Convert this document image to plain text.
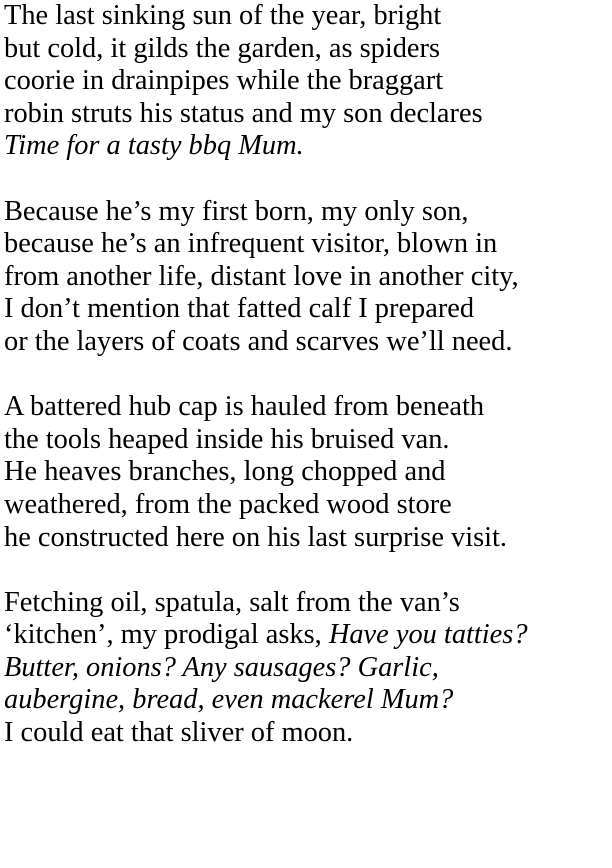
The last sinking sun of the year, bright
but cold, it gilds the garden, as spiders
coorie in drainpipes while the braggart
robin struts his status and my son declares
Time for a tasty bbq Mum.
Because he’s my first born, my only son,
because he’s an infrequent visitor, blown in
from another life, distant love in another city,
I don’t mention that fatted calf I prepared
or the layers of coats and scarves we’ll need.
A battered hub cap is hauled from beneath
the tools heaped inside his bruised van.
He heaves branches, long chopped and
weathered, from the packed wood store
he constructed here on his last surprise visit.
Fetching oil, spatula, salt from the van’s
‘kitchen’, my prodigal asks, Have you tatties?
Butter, onions? Any sausages? Garlic,
aubergine, bread, even mackerel Mum?
I could eat that sliver of moon.
